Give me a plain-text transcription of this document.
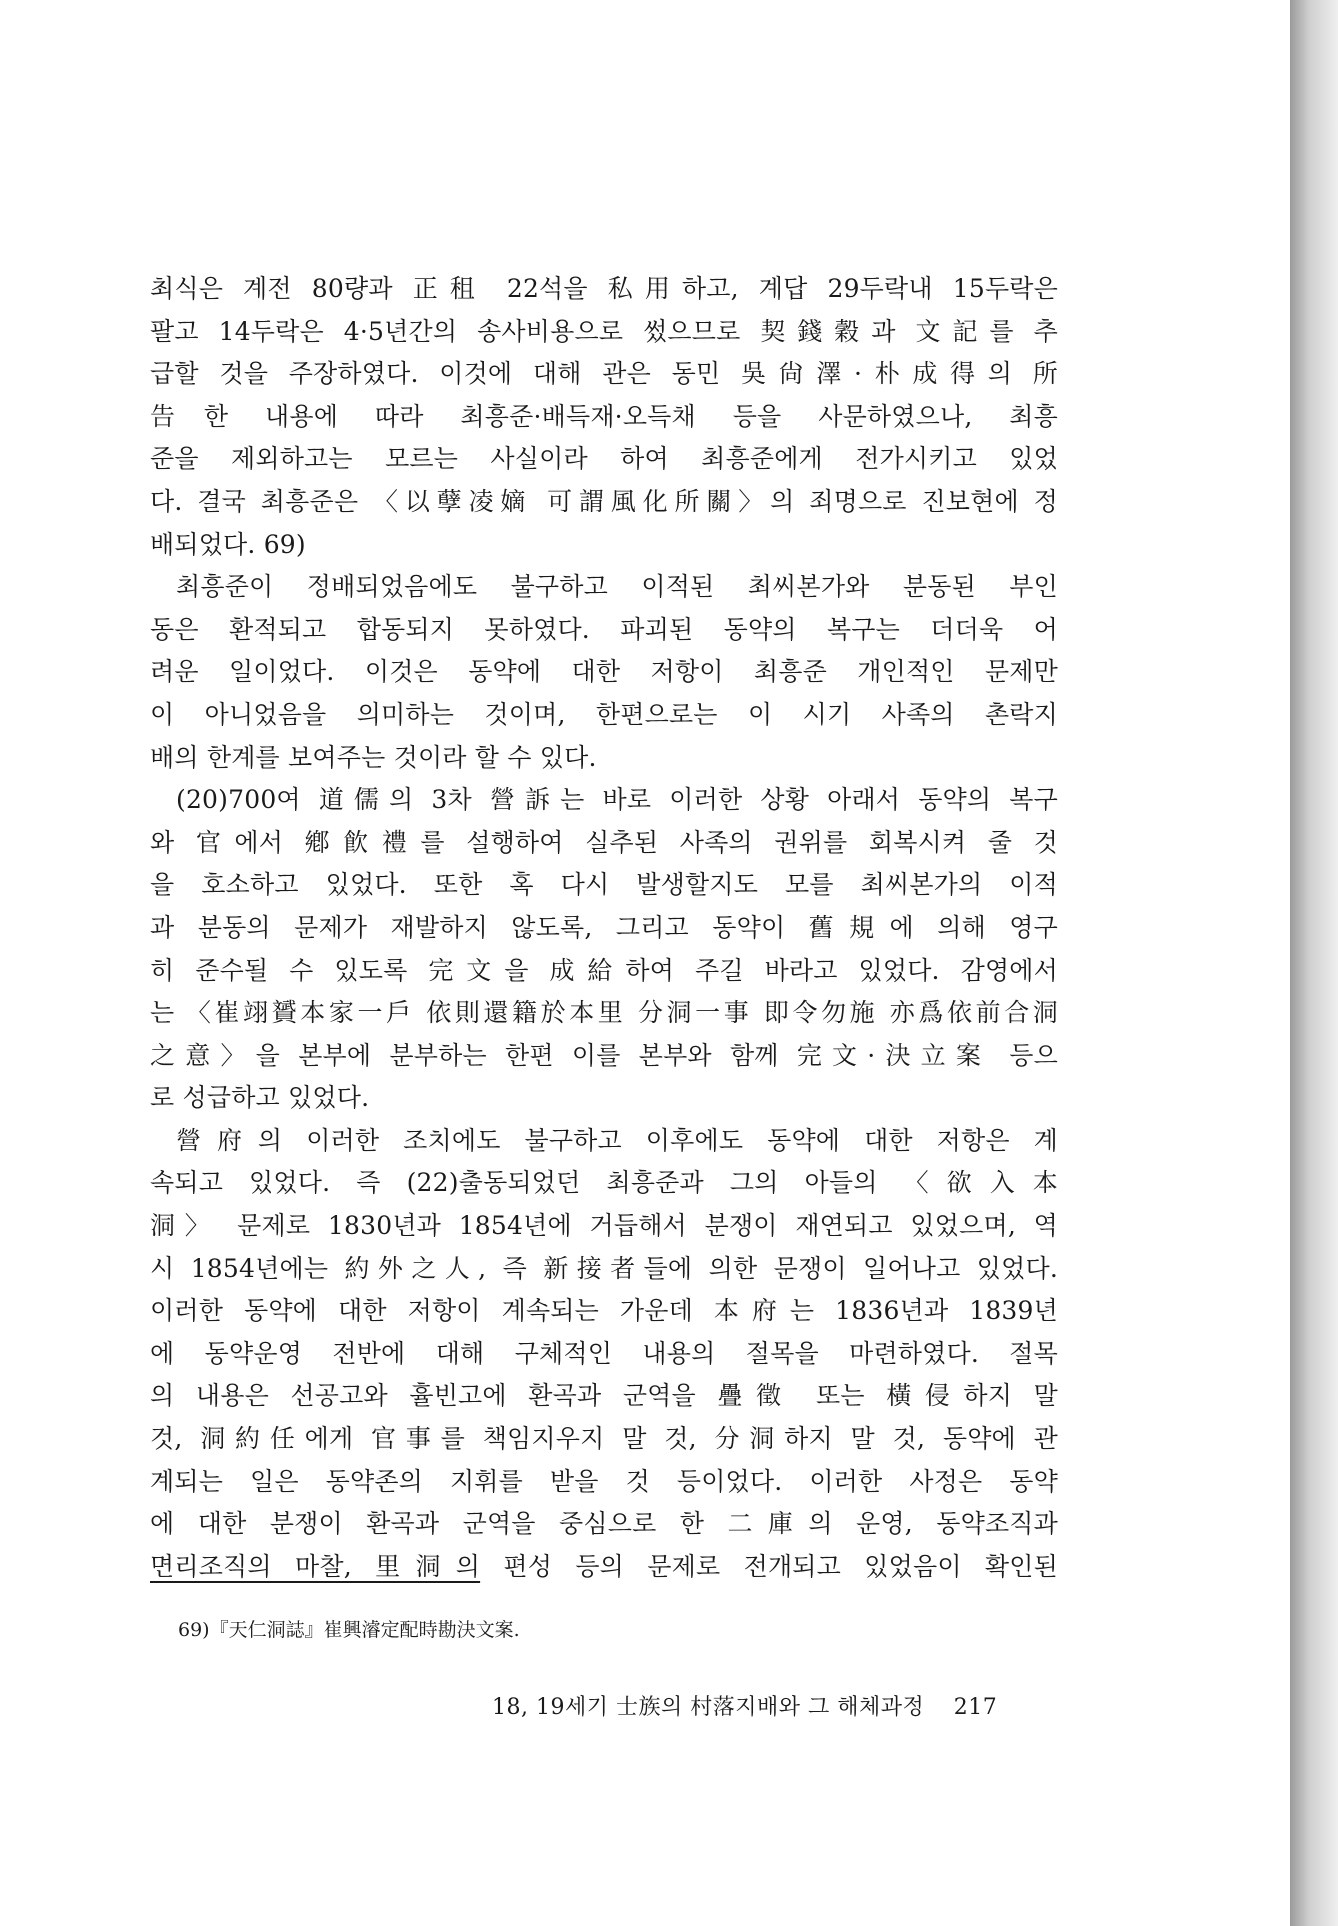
최식은 계전 80량과 正租 22석을 私用하고, 계답 29두락내 15두락은

팔고 14두락은 4·5년간의 송사비용으로 썼으므로 契錢穀과 文記를 추

급할 것을 주장하였다. 이것에 대해 관은 동민 吳尙澤·朴成得의 所

告한 내용에 따라 최흥준·배득재·오득채 등을 사문하였으나, 최흥

준을 제외하고는 모르는 사실이라 하여 최흥준에게 전가시키고 있었

다. 결국 최흥준은 〈以孽凌嫡 可謂風化所關〉의 죄명으로 진보현에 정

배되었다. 69)

최흥준이 정배되었음에도 불구하고 이적된 최씨본가와 분동된 부인

동은 환적되고 합동되지 못하였다. 파괴된 동약의 복구는 더더욱 어

려운 일이었다. 이것은 동약에 대한 저항이 최흥준 개인적인 문제만

이 아니었음을 의미하는 것이며, 한편으로는 이 시기 사족의 촌락지

배의 한계를 보여주는 것이라 할 수 있다.

(20)700여 道儒의 3차 營訴는 바로 이러한 상황 아래서 동약의 복구

와 官에서 鄕飮禮를 설행하여 실추된 사족의 권위를 회복시켜 줄 것

을 호소하고 있었다. 또한 혹 다시 발생할지도 모를 최씨본가의 이적

과 분동의 문제가 재발하지 않도록, 그리고 동약이 舊規에 의해 영구

히 준수될 수 있도록 完文을 成給하여 주길 바라고 있었다. 감영에서

는 〈崔翊贇本家一戶 依則還籍於本里 分洞一事 即令勿施 亦爲依前合洞

之意〉을 본부에 분부하는 한편 이를 본부와 함께 完文·決立案 등으

로 성급하고 있었다.

營府의 이러한 조치에도 불구하고 이후에도 동약에 대한 저항은 계

속되고 있었다. 즉 (22)출동되었던 최흥준과 그의 아들의 〈欲入本

洞〉 문제로 1830년과 1854년에 거듭해서 분쟁이 재연되고 있었으며, 역

시 1854년에는 約外之人, 즉 新接者들에 의한 문쟁이 일어나고 있었다.

이러한 동약에 대한 저항이 계속되는 가운데 本府는 1836년과 1839년

에 동약운영 전반에 대해 구체적인 내용의 절목을 마련하였다. 절목

의 내용은 선공고와 휼빈고에 환곡과 군역을 疊徵 또는 橫侵하지 말

것, 洞約任에게 官事를 책임지우지 말 것, 分洞하지 말 것, 동약에 관

계되는 일은 동약존의 지휘를 받을 것 등이었다. 이러한 사정은 동약

에 대한 분쟁이 환곡과 군역을 중심으로 한 二庫의 운영, 동약조직과

면리조직의 마찰, 里洞의 편성 등의 문제로 전개되고 있었음이 확인된

69)『天仁洞誌』崔興濬定配時勘決文案.
18, 19세기 士族의 村落지배와 그 해체과정 217
